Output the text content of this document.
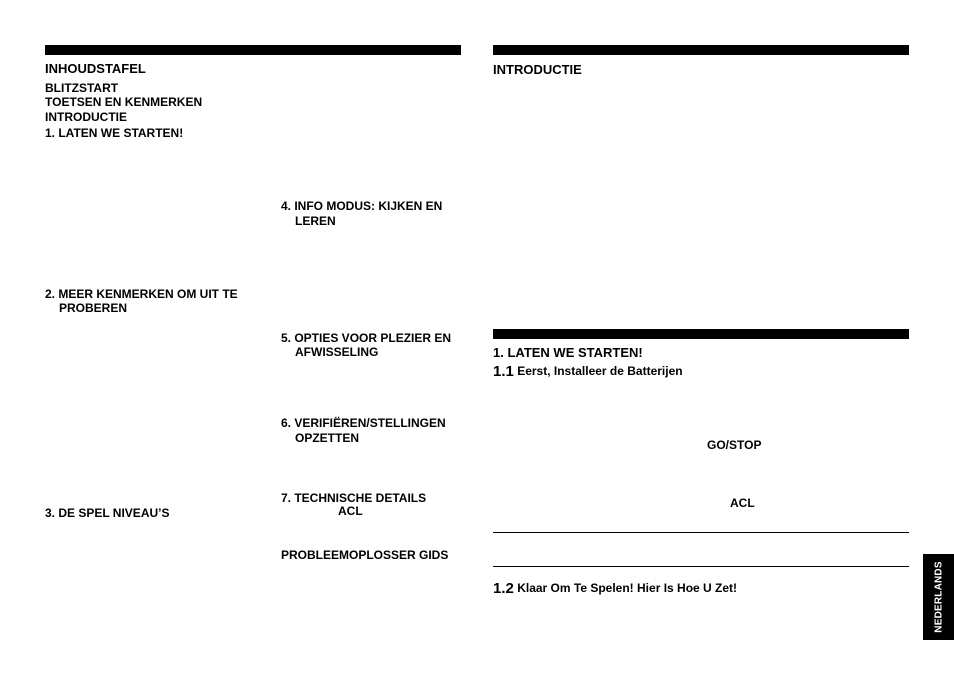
INHOUDSTAFEL

BLITZSTART

TOETSEN EN KENMERKEN

INTRODUCTIE

1. LATEN WE STARTEN!

2. MEER KENMERKEN OM UIT TE

PROBEREN

3. DE SPEL NIVEAU’S

4. INFO MODUS: KIJKEN EN

LEREN

5. OPTIES VOOR PLEZIER EN

AFWISSELING

6. VERIFIËREN/STELLINGEN

OPZETTEN

7. TECHNISCHE DETAILS

ACL

PROBLEEMOPLOSSER GIDS

INTRODUCTIE

1. LATEN WE STARTEN!

1.1 Eerst, Installeer de Batterijen

GO/STOP

ACL

1.2 Klaar Om Te Spelen! Hier Is Hoe U Zet!	NEDERLANDS
